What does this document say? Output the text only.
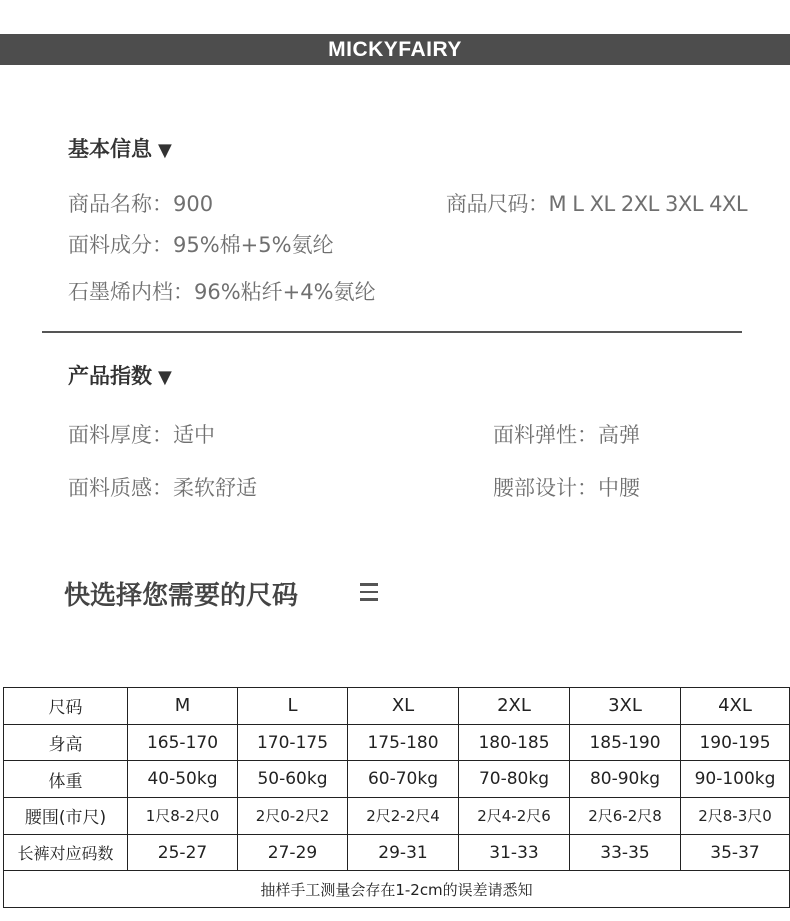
MICKYFAIRY
基本信息 ▼
商品名称：900	商品尺码：M L XL 2XL 3XL 4XL
面料成分：95%棉+5%氨纶
石墨烯内档：96%粘纤+4%氨纶
产品指数 ▼
面料厚度：适中	面料弹性：高弹
面料质感：柔软舒适	腰部设计：中腰
快选择您需要的尺码
尺码	M	L	XL	2XL	3XL	4XL
身高	165-170	170-175	175-180	180-185	185-190	190-195
体重	40-50kg	50-60kg	60-70kg	70-80kg	80-90kg	90-100kg
腰围(市尺)	1尺8-2尺0	2尺0-2尺2	2尺2-2尺4	2尺4-2尺6	2尺6-2尺8	2尺8-3尺0
长裤对应码数	25-27	27-29	29-31	31-33	33-35	35-37
抽样手工测量会存在1-2cm的误差请悉知						
